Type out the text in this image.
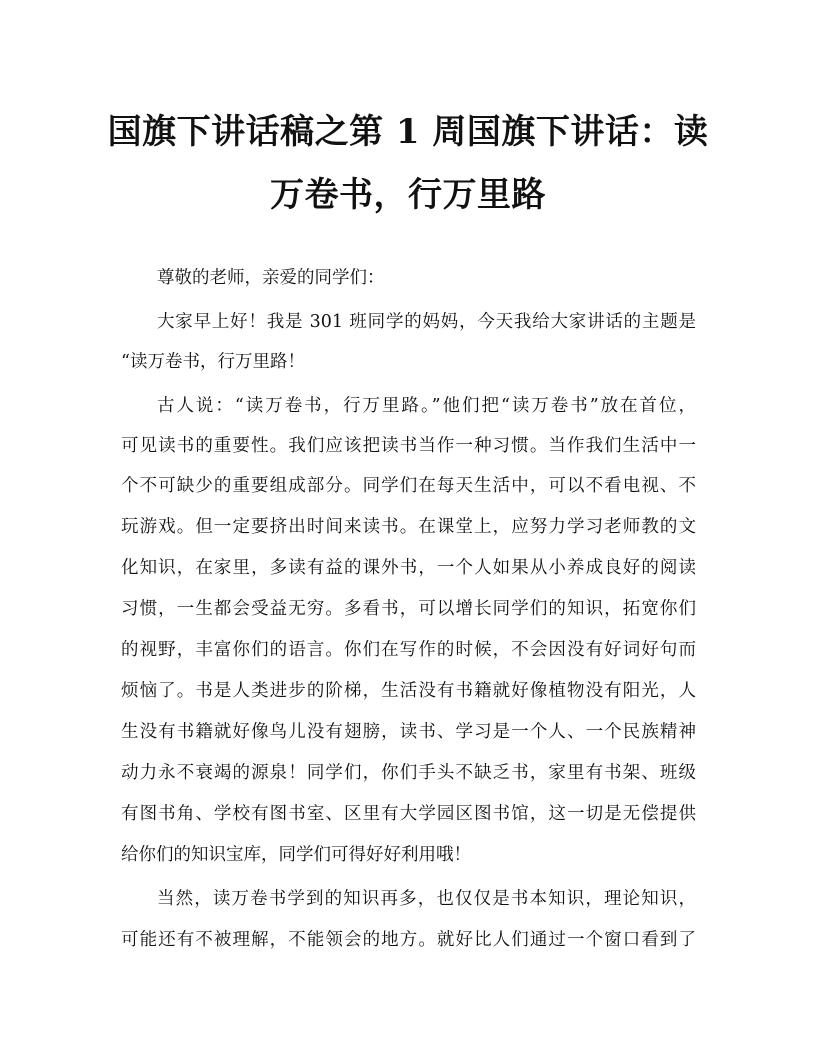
国旗下讲话稿之第 1 周国旗下讲话：读
万卷书，行万里路
尊敬的老师，亲爱的同学们：
大家早上好！我是 301 班同学的妈妈，今天我给大家讲话的主题是
“读万卷书，行万里路！
古人说：“读万卷书，行万里路。”他们把“读万卷书”放在首位，
可见读书的重要性。我们应该把读书当作一种习惯。当作我们生活中一
个不可缺少的重要组成部分。同学们在每天生活中，可以不看电视、不
玩游戏。但一定要挤出时间来读书。在课堂上，应努力学习老师教的文
化知识，在家里，多读有益的课外书，一个人如果从小养成良好的阅读
习惯，一生都会受益无穷。多看书，可以增长同学们的知识，拓宽你们
的视野，丰富你们的语言。你们在写作的时候，不会因没有好词好句而
烦恼了。书是人类进步的阶梯，生活没有书籍就好像植物没有阳光，人
生没有书籍就好像鸟儿没有翅膀，读书、学习是一个人、一个民族精神
动力永不衰竭的源泉！同学们，你们手头不缺乏书，家里有书架、班级
有图书角、学校有图书室、区里有大学园区图书馆，这一切是无偿提供
给你们的知识宝库，同学们可得好好利用哦！
当然，读万卷书学到的知识再多，也仅仅是书本知识，理论知识，
可能还有不被理解，不能领会的地方。就好比人们通过一个窗口看到了
